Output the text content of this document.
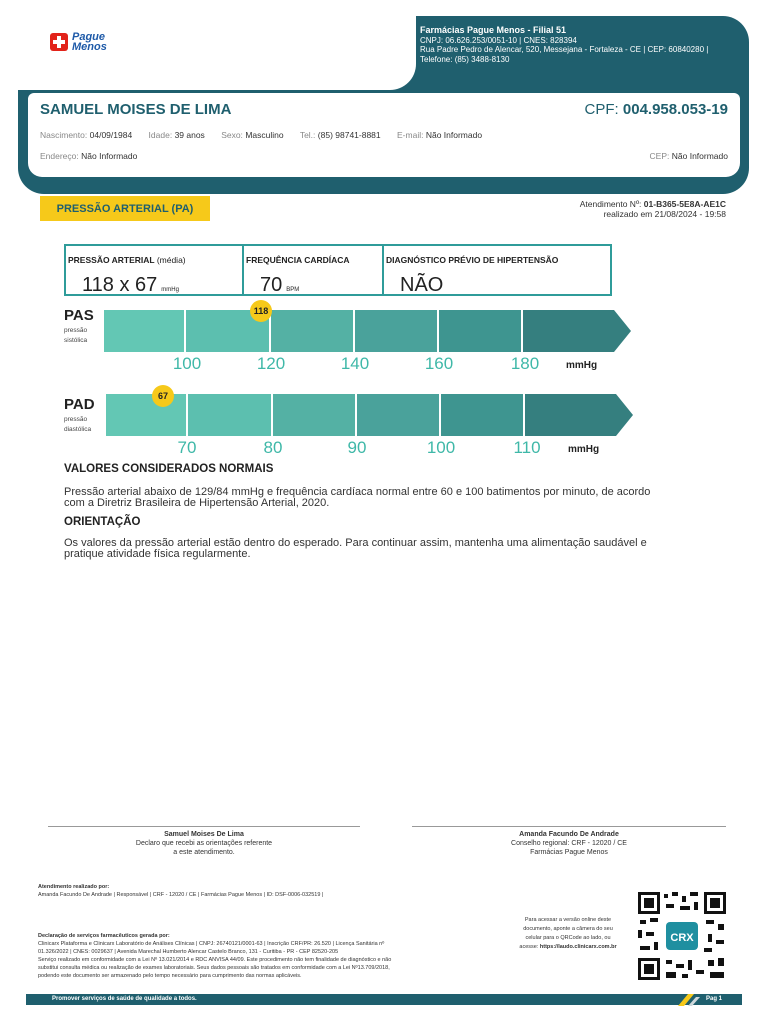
Pague
Menos
Farmácias Pague Menos - Filial 51
CNPJ: 06.626.253/0051-10 | CNES: 828394
Rua Padre Pedro de Alencar, 520, Messejana - Fortaleza - CE | CEP: 60840280 |
Telefone: (85) 3488-8130
SAMUEL MOISES DE LIMA	CPF: 004.958.053-19
Nascimento: 04/09/1984 Idade: 39 anos Sexo: Masculino Tel.: (85) 98741-8881 E-mail: Não Informado
Endereço: Não Informado	CEP: Não Informado
PRESSÃO ARTERIAL (PA)	Atendimento Nº: 01-B365-5E8A-AE1C
realizado em 21/08/2024 - 19:58
PRESSÃO ARTERIAL (média)
118 x 67 mmHg
FREQUÊNCIA CARDÍACA
70 BPM
DIAGNÓSTICO PRÉVIO DE HIPERTENSÃO
NÃO
PAS
pressão
sistólica
118
100	120	140	160	180	mmHg
PAD
pressão
diastólica
67
70	80	90	100	110	mmHg
VALORES CONSIDERADOS NORMAIS
Pressão arterial abaixo de 129/84 mmHg e frequência cardíaca normal entre 60 e 100 batimentos por minuto, de acordo
com a Diretriz Brasileira de Hipertensão Arterial, 2020.
ORIENTAÇÃO
Os valores da pressão arterial estão dentro do esperado. Para continuar assim, mantenha uma alimentação saudável e
pratique atividade física regularmente.
Samuel Moises De Lima
Declaro que recebi as orientações referente
a este atendimento.
Amanda Facundo De Andrade
Conselho regional: CRF - 12020 / CE
Farmácias Pague Menos
Atendimento realizado por:
Amanda Facundo De Andrade | Responsável | CRF - 12020 / CE | Farmácias Pague Menos | ID: DSF-0006-032519 |
Declaração de serviços farmacêuticos gerada por:
Clinicarx Plataforma e Clinicarx Laboratório de Análises Clínicas | CNPJ: 26740121/0001-63 | Inscrição CRF/PR: 26.520 | Licença Sanitária nº
01.326/2022 | CNES: 0029637 | Avenida Marechal Humberto Alencar Castelo Branco, 131 - Curitiba - PR - CEP 82520-205
Serviço realizado em conformidade com a Lei Nº 13.021/2014 e RDC ANVISA 44/09. Este procedimento não tem finalidade de diagnóstico e não
substitui consulta médica ou realização de exames laboratoriais. Seus dados pessoais são tratados em conformidade com a Lei Nº13.709/2018,
podendo este documento ser armazenado pelo tempo necessário para cumprimento das normas aplicáveis.
Para acessar a versão online deste
documento, aponte a câmera do seu
celular para o QRCode ao lado, ou
acesse: https://laudo.clinicarx.com.br
CRX
Promover serviços de saúde de qualidade a todos.	Pag 1
